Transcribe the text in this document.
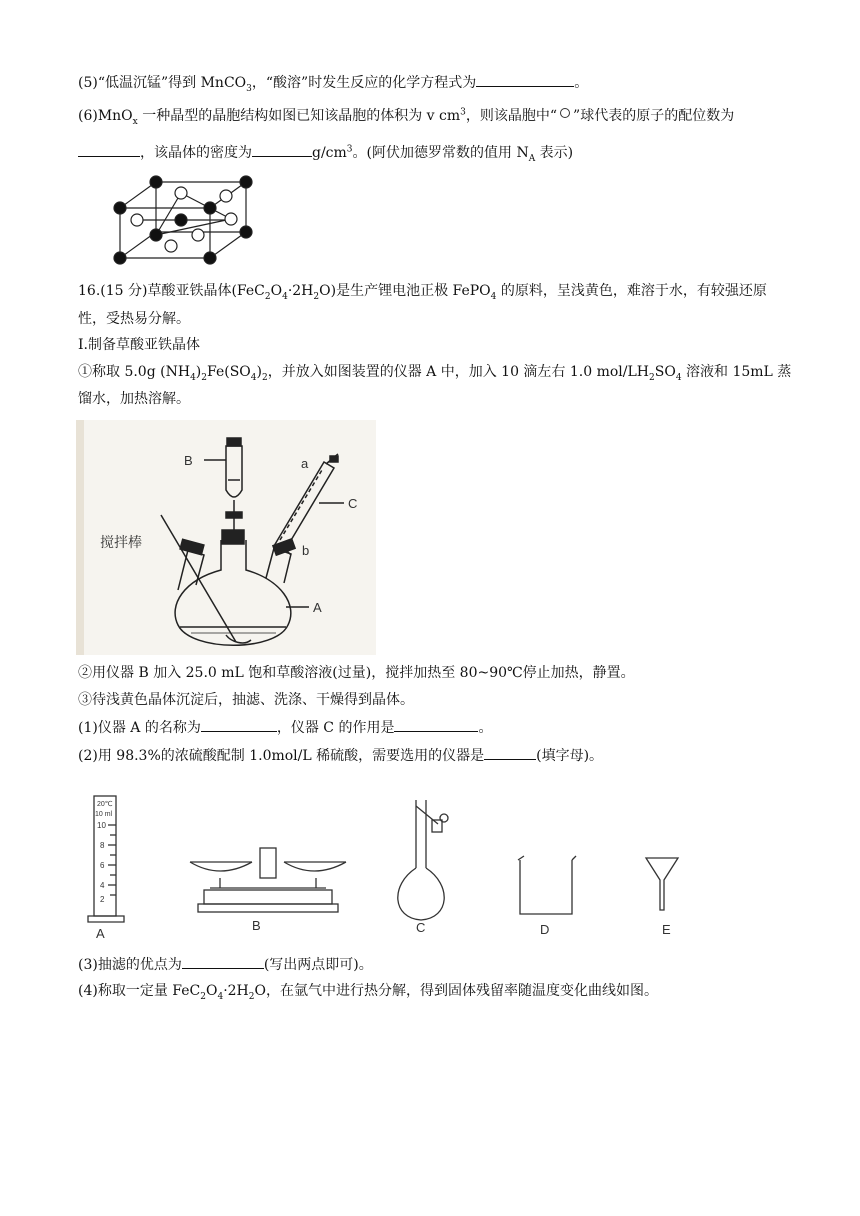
(5)“低温沉锰”得到 MnCO$_3$，“酸溶”时发生反应的化学方程式为	。
(6)MnO$_x$ 一种晶型的晶胞结构如图已知该晶胞的体积为 v $cm^3$，则该晶胞中“ ”球代表的原子的配位数为
，该晶体的密度为	$g/cm^3$。(阿伏加德罗常数的值用 $N_A$ 表示)
16.(15 分)草酸亚铁晶体$(FeC_2O_4\cdot 2H_2O)$是生产锂电池正极 FePO$_4$ 的原料，呈浅黄色，难溶于水，有较强还原
性，受热易分解。
Ⅰ.制备草酸亚铁晶体
①称取 5.0g $(NH_4)_2Fe(SO_4)_2$，并放入如图装置的仪器 A 中，加入 10 滴左右 1.0 mol/$LH_2SO_4$ 溶液和 15mL 蒸
馏水，加热溶解。
B	a
C
搅拌棒
b
A
②用仪器 B 加入 25.0 mL 饱和草酸溶液(过量)，搅拌加热至 80~90℃停止加热，静置。
③待浅黄色晶体沉淀后，抽滤、洗涤、干燥得到晶体。
(1)仪器 A 的名称为	，仪器 C 的作用是	。
(2)用 98.3%的浓硫酸配制 1.0mol/L 稀硫酸，需要选用的仪器是	(填字母)。
20℃
10 ml
10
8
6
4
2
A
B	C	D	E
(3)抽滤的优点为	(写出两点即可)。
(4)称取一定量 $FeC_2O_4\cdot 2H_2O$，在氩气中进行热分解，得到固体残留率随温度变化曲线如图。
